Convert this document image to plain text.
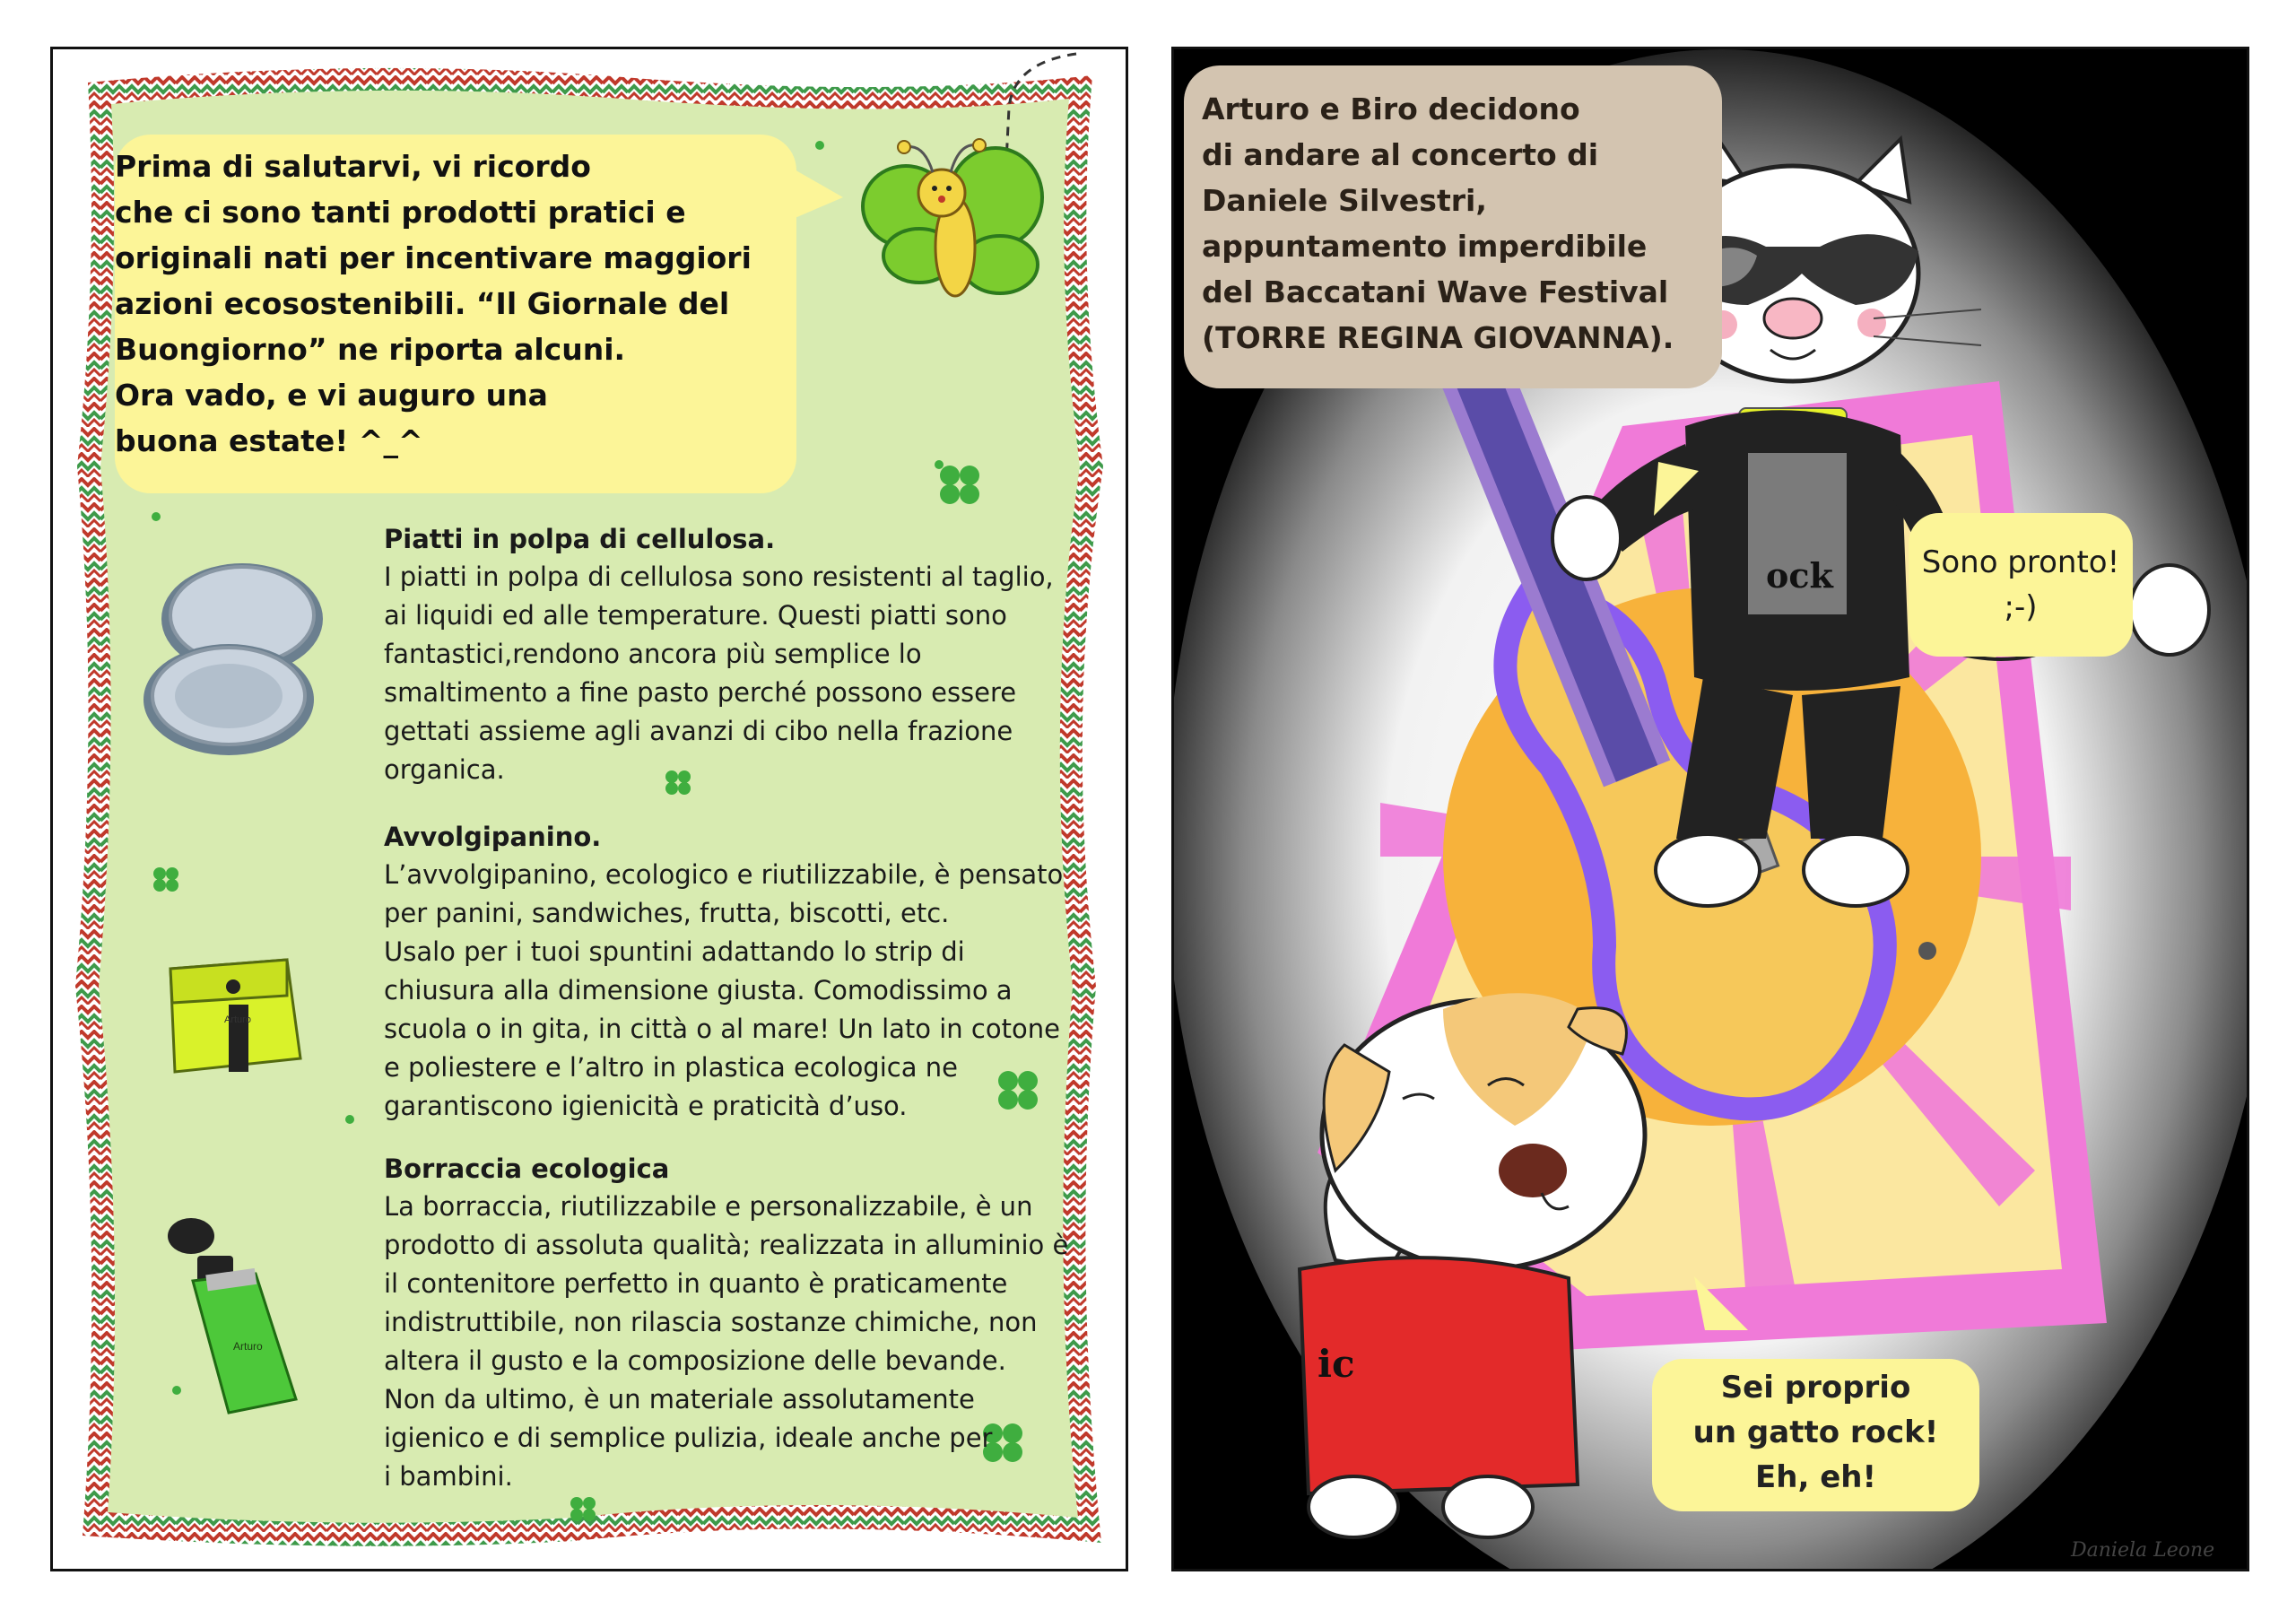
Prima di salutarvi, vi ricordo
che ci sono tanti prodotti pratici e
originali nati per incentivare maggiori
azioni ecosostenibili. “Il Giornale del
Buongiorno” ne riporta alcuni.
Ora vado, e vi auguro una
buona estate! ^_^
Arturo
Arturo
Piatti in polpa di cellulosa.

I piatti in polpa di cellulosa sono resistenti al taglio,
ai liquidi ed alle temperature. Questi piatti sono
fantastici,rendono ancora più semplice lo
smaltimento a fine pasto perché possono essere
gettati assieme agli avanzi di cibo nella frazione
organica.

Avvolgipanino.

L’avvolgipanino, ecologico e riutilizzabile, è pensato
per panini, sandwiches, frutta, biscotti, etc.
Usalo per i tuoi spuntini adattando lo strip di
chiusura alla dimensione giusta. Comodissimo a
scuola o in gita, in città o al mare! Un lato in cotone
e poliestere e l’altro in plastica ecologica ne
garantiscono igienicità e praticità d’uso.

Borraccia ecologica

La borraccia, riutilizzabile e personalizzabile, è un
prodotto di assoluta qualità; realizzata in alluminio è
il contenitore perfetto in quanto è praticamente
indistruttibile, non rilascia sostanze chimiche, non
altera il gusto e la composizione delle bevande.
Non da ultimo, è un materiale assolutamente
igienico e di semplice pulizia, ideale anche per
i bambini.

ock
ic
Daniela Leone
Arturo e Biro decidono
di andare al concerto di
Daniele Silvestri,
appuntamento imperdibile
del Baccatani Wave Festival
(TORRE REGINA GIOVANNA).
Sono pronto!
;-)
Sei proprio
un gatto rock!
Eh, eh!
